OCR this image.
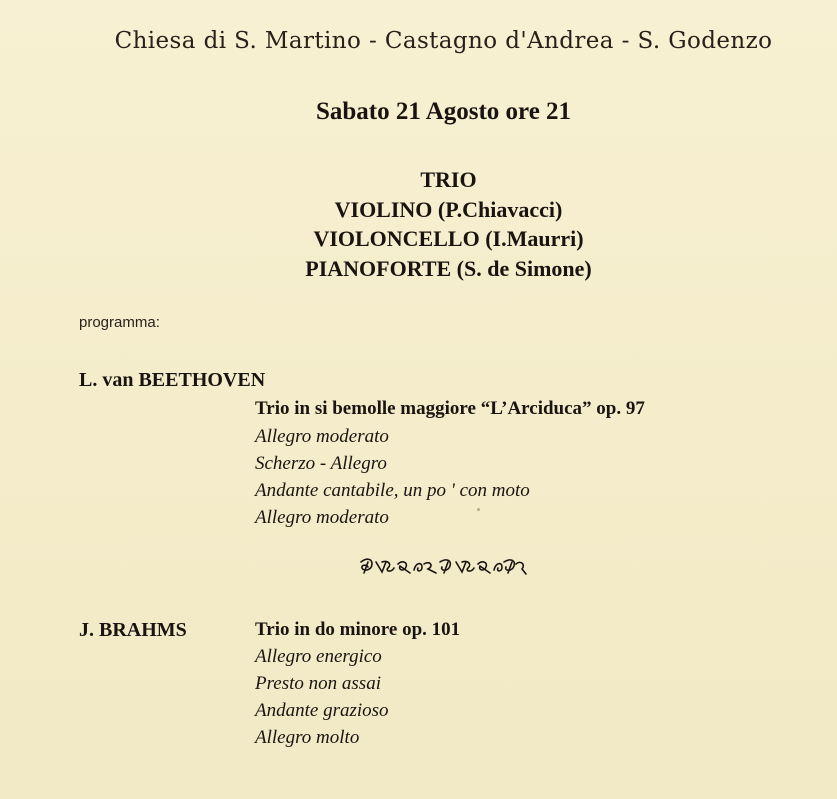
Chiesa di S. Martino - Castagno d'Andrea - S. Godenzo
Sabato 21 Agosto ore 21
TRIO
VIOLINO (P.Chiavacci)
VIOLONCELLO (I.Maurri)
PIANOFORTE (S. de Simone)
programma:
L. van BEETHOVEN
Trio in si bemolle maggiore “L’Arciduca” op. 97
Allegro moderato
Scherzo - Allegro
Andante cantabile, un po ' con moto
Allegro moderato
J. BRAHMS	Trio in do minore op. 101
Allegro energico
Presto non assai
Andante grazioso
Allegro molto
